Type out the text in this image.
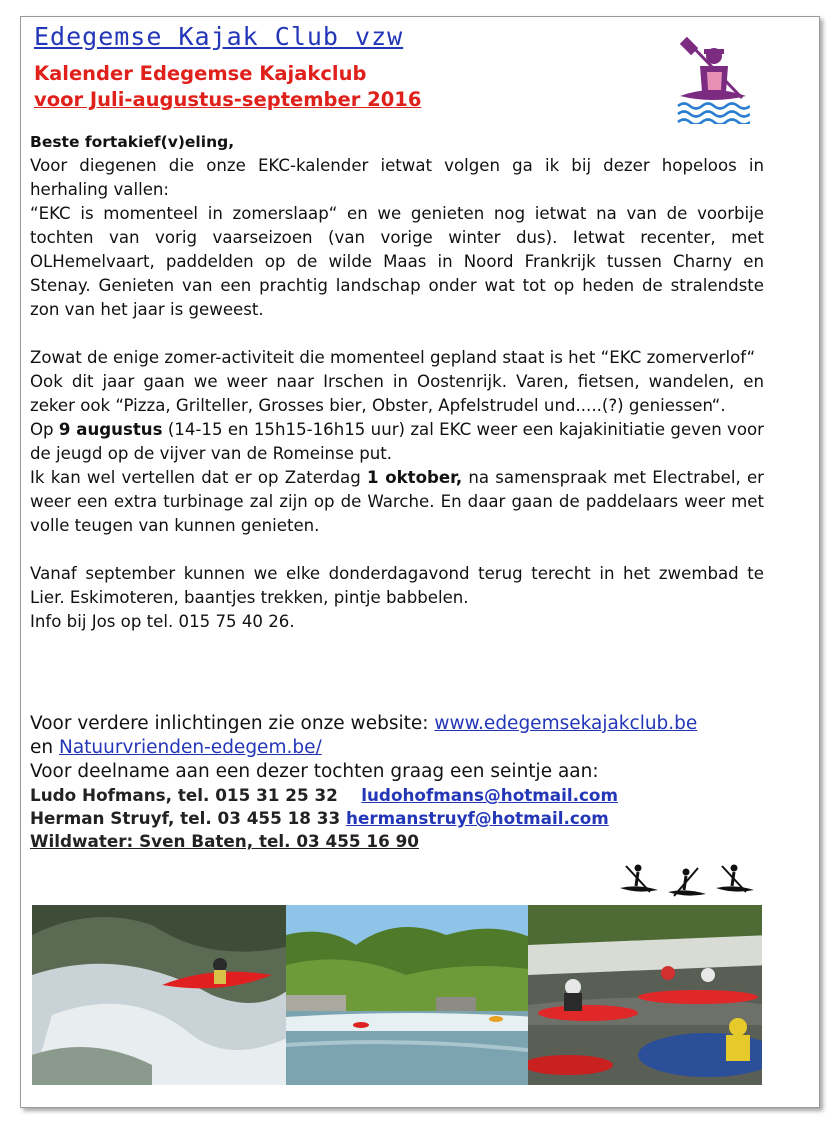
Edegemse Kajak Club vzw
Kalender Edegemse Kajakclub
voor Juli-augustus-september 2016

Beste fortakief(v)eling,

Voor diegenen die onze EKC-kalender ietwat volgen ga ik bij dezer hopeloos in herhaling vallen:

“EKC is momenteel in zomerslaap“ en we genieten nog ietwat na van de voorbije tochten van vorig vaarseizoen (van vorige winter dus). Ietwat recenter, met OLHemelvaart, paddelden op de wilde Maas in Noord Frankrijk tussen Charny en Stenay. Genieten van een prachtig landschap onder wat tot op heden de stralendste zon van het jaar is geweest.

Zowat de enige zomer-activiteit die momenteel gepland staat is het “EKC zomerverlof“

Ook dit jaar gaan we weer naar Irschen in Oostenrijk. Varen, fietsen, wandelen, en zeker ook “Pizza, Grilteller, Grosses bier, Obster, Apfelstrudel und.....(?) geniessen“.

Op 9 augustus (14-15 en 15h15-16h15 uur) zal EKC weer een kajakinitiatie geven voor de jeugd op de vijver van de Romeinse put.

Ik kan wel vertellen dat er op Zaterdag 1 oktober, na samenspraak met Electrabel, er weer een extra turbinage zal zijn op de Warche. En daar gaan de paddelaars weer met volle teugen van kunnen genieten.

Vanaf september kunnen we elke donderdagavond terug terecht in het zwembad te Lier. Eskimoteren, baantjes trekken, pintje babbelen.

Info bij Jos op tel. 015 75 40 26.

Voor verdere inlichtingen zie onze website: www.edegemsekajakclub.be

en Natuurvrienden-edegem.be/

Voor deelname aan een dezer tochten graag een seintje aan:

Ludo Hofmans, tel. 015 31 25 32 ludohofmans@hotmail.com

Herman Struyf, tel. 03 455 18 33 hermanstruyf@hotmail.com

Wildwater: Sven Baten, tel. 03 455 16 90
